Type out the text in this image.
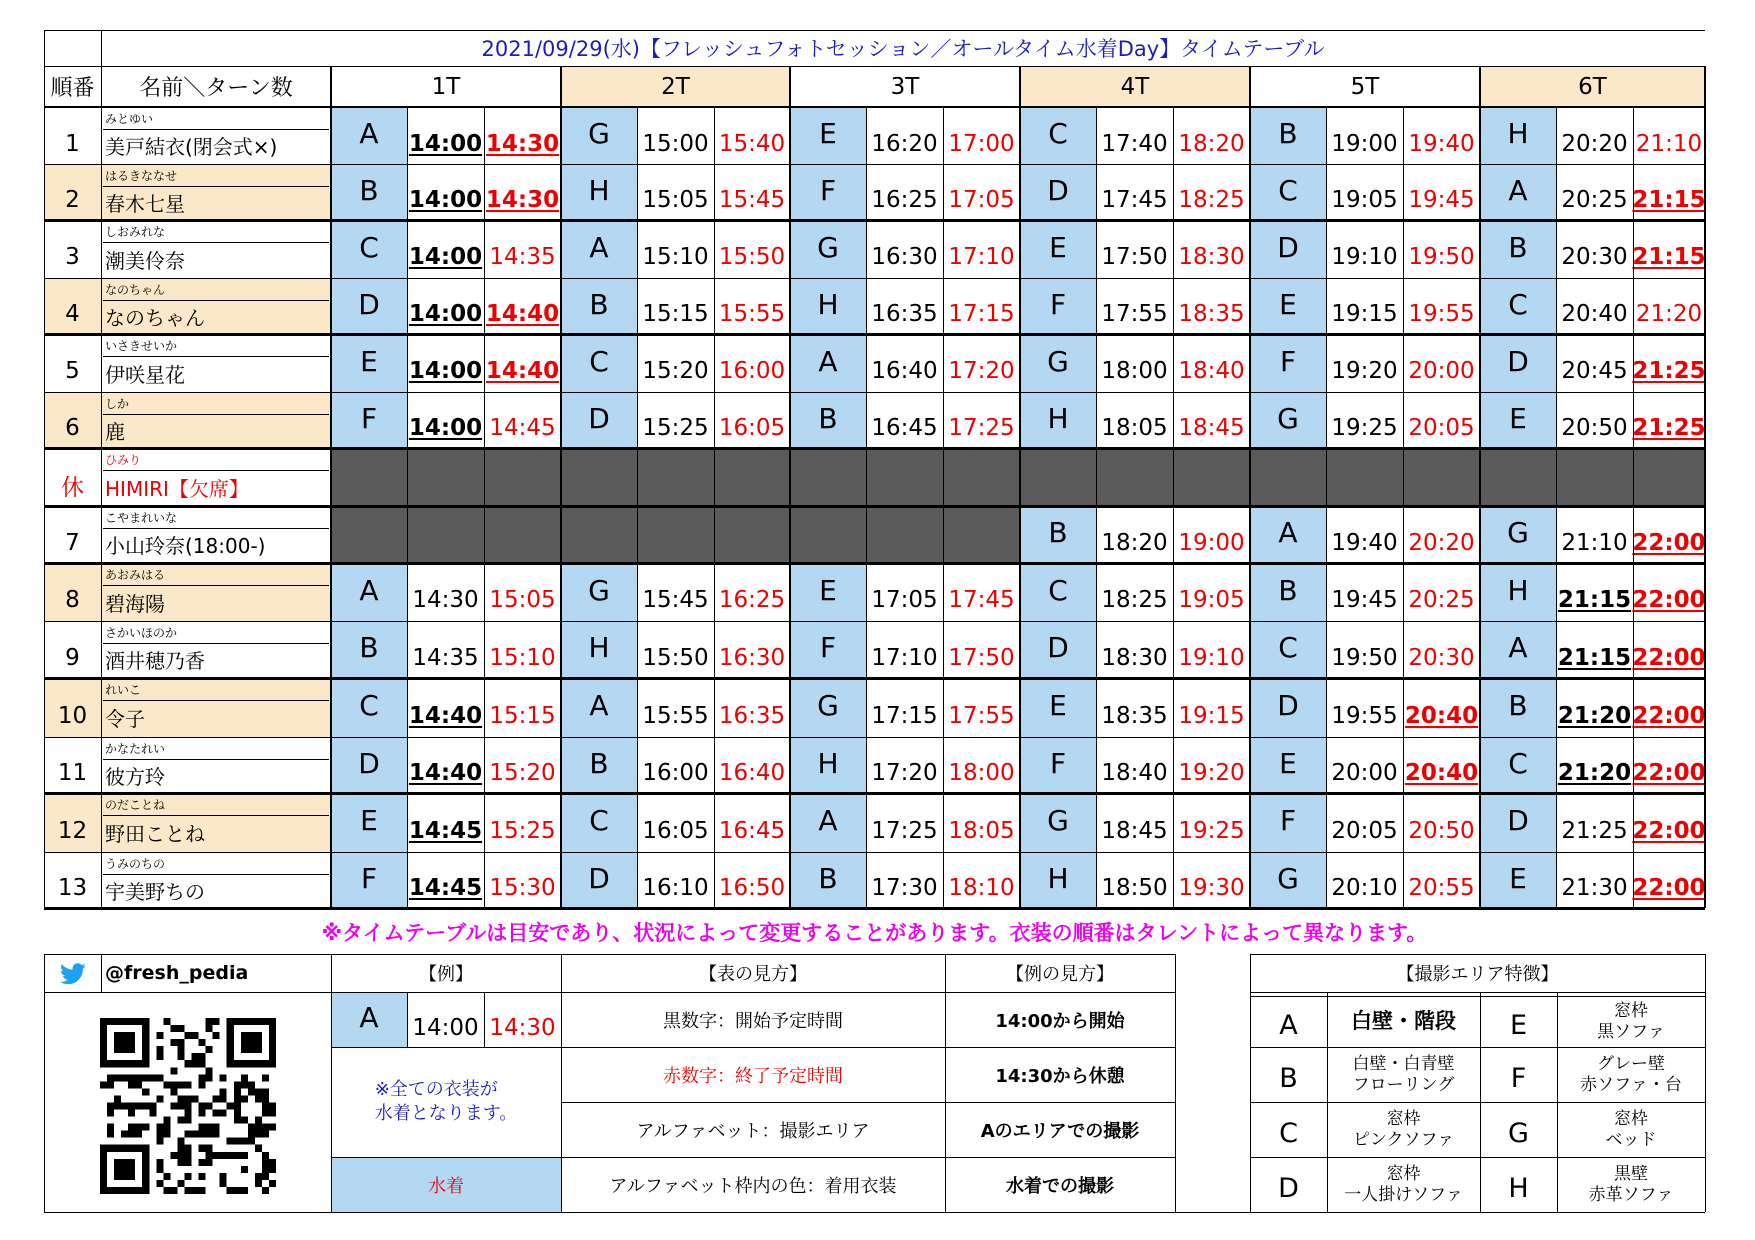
2021/09/29(水)【フレッシュフォトセッション／オールタイム水着Day】タイムテーブル
順番	名前＼ターン数	1T	2T	3T	4T	5T	6T
1
みとゆい
美戸結衣(閉会式×)	A	14:00 14:30	G	15:00 15:40	E	16:20 17:00	C	17:40 18:20	B	19:00 19:40	H	20:20 21:10
2
はるきななせ
春木七星	B	14:00 14:30	H	15:05 15:45	F	16:25 17:05	D	17:45 18:25	C	19:05 19:45	A	20:25 21:15
3
しおみれな
潮美伶奈	C	14:00 14:35	A	15:10 15:50	G	16:30 17:10	E	17:50 18:30	D	19:10 19:50	B	20:30 21:15
4
なのちゃん
なのちゃん	D	14:00 14:40	B	15:15 15:55	H	16:35 17:15	F	17:55 18:35	E	19:15 19:55	C	20:40 21:20
5
いさきせいか
伊咲星花	E	14:00 14:40	C	15:20 16:00	A	16:40 17:20	G	18:00 18:40	F	19:20 20:00	D	20:45 21:25
6
しか
鹿	F	14:00 14:45	D	15:25 16:05	B	16:45 17:25	H	18:05 18:45	G	19:25 20:05	E	20:50 21:25
休
ひみり
HIMIRI【欠席】
7
こやまれいな
小山玲奈(18:00-)	B	18:20 19:00	A	19:40 20:20	G	21:10 22:00
8
あおみはる
碧海陽	A	14:30 15:05	G	15:45 16:25	E	17:05 17:45	C	18:25 19:05	B	19:45 20:25	H	21:15 22:00
9
さかいほのか
酒井穂乃香	B	14:35 15:10	H	15:50 16:30	F	17:10 17:50	D	18:30 19:10	C	19:50 20:30	A	21:15 22:00
10
れいこ
令子	C	14:40 15:15	A	15:55 16:35	G	17:15 17:55	E	18:35 19:15	D	19:55 20:40	B	21:20 22:00
11
かなたれい
彼方玲	D	14:40 15:20	B	16:00 16:40	H	17:20 18:00	F	18:40 19:20	E	20:00 20:40	C	21:20 22:00
12
のだことね
野田ことね	E	14:45 15:25	C	16:05 16:45	A	17:25 18:05	G	18:45 19:25	F	20:05 20:50	D	21:25 22:00
13
うみのちの
宇美野ちの	F	14:45 15:30	D	16:10 16:50	B	17:30 18:10	H	18:50 19:30	G	20:10 20:55	E	21:30 22:00
※タイムテーブルは目安であり、状況によって変更することがあります。衣装の順番はタレントによって異なります。
@fresh_pedia	【例】
A	14:00 14:30
※全ての衣装が
水着となります。
水着
【表の見方】	【例の見方】
黒数字：開始予定時間	14:00から開始
赤数字：終了予定時間	14:30から休憩
アルファベット：撮影エリア	Aのエリアでの撮影
アルファベット枠内の色：着用衣装	水着での撮影
【撮影エリア特徴】
A	白壁・階段	E	窓枠
黒ソファ
B	白壁・白青壁
フローリング	F	グレー壁
赤ソファ・台
C	窓枠
ピンクソファ	G	窓枠
ベッド
D	窓枠
一人掛けソファ	H	黒壁
赤革ソファ
